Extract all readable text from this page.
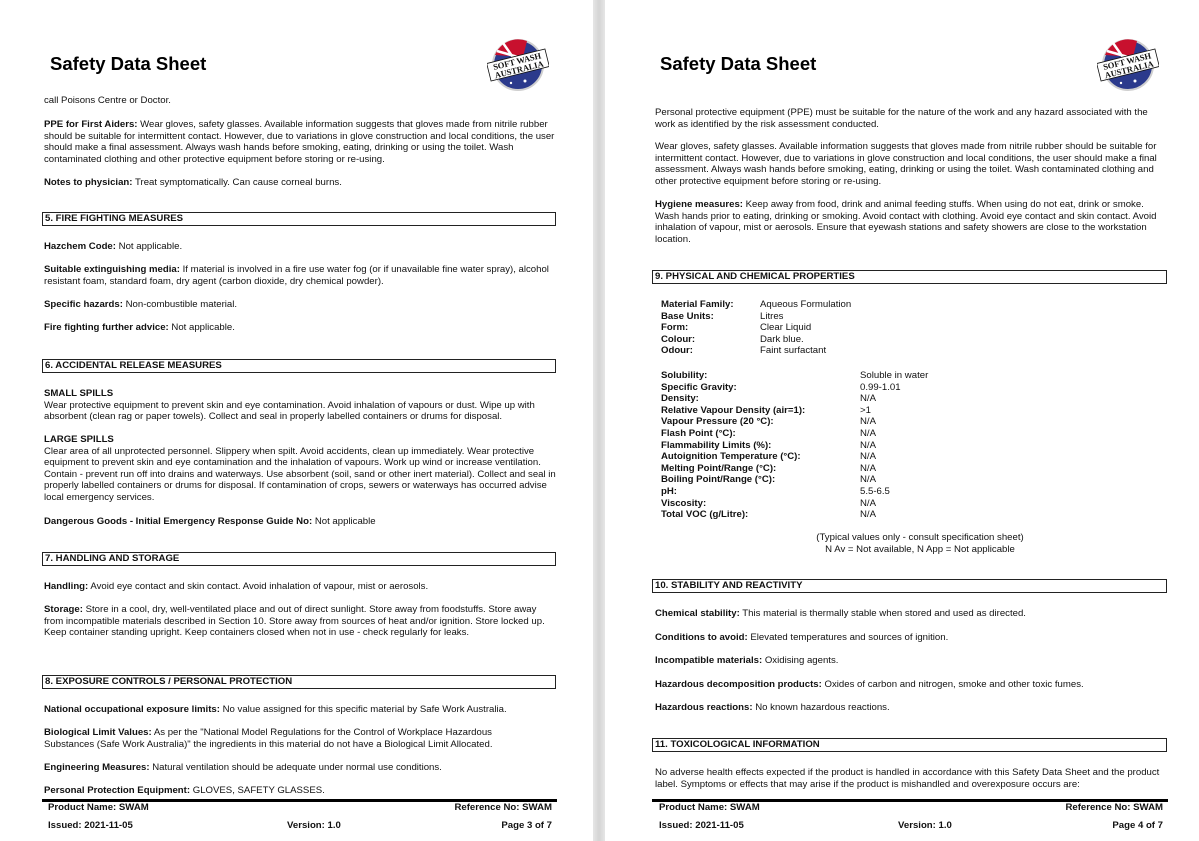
Safety Data Sheet
call Poisons Centre or Doctor.
PPE for First Aiders: Wear gloves, safety glasses. Available information suggests that gloves made from nitrile rubber should be suitable for intermittent contact. However, due to variations in glove construction and local conditions, the user should make a final assessment. Always wash hands before smoking, eating, drinking or using the toilet. Wash contaminated clothing and other protective equipment before storing or re-using.
Notes to physician: Treat symptomatically. Can cause corneal burns.
5. FIRE FIGHTING MEASURES
Hazchem Code: Not applicable.
Suitable extinguishing media: If material is involved in a fire use water fog (or if unavailable fine water spray), alcohol resistant foam, standard foam, dry agent (carbon dioxide, dry chemical powder).
Specific hazards: Non-combustible material.
Fire fighting further advice: Not applicable.
6. ACCIDENTAL RELEASE MEASURES
SMALL SPILLS
Wear protective equipment to prevent skin and eye contamination. Avoid inhalation of vapours or dust. Wipe up with absorbent (clean rag or paper towels). Collect and seal in properly labelled containers or drums for disposal.
LARGE SPILLS
Clear area of all unprotected personnel. Slippery when spilt. Avoid accidents, clean up immediately. Wear protective equipment to prevent skin and eye contamination and the inhalation of vapours. Work up wind or increase ventilation. Contain - prevent run off into drains and waterways. Use absorbent (soil, sand or other inert material). Collect and seal in properly labelled containers or drums for disposal. If contamination of crops, sewers or waterways has occurred advise local emergency services.
Dangerous Goods - Initial Emergency Response Guide No: Not applicable
7. HANDLING AND STORAGE
Handling: Avoid eye contact and skin contact. Avoid inhalation of vapour, mist or aerosols.
Storage: Store in a cool, dry, well-ventilated place and out of direct sunlight. Store away from foodstuffs. Store away from incompatible materials described in Section 10. Store away from sources of heat and/or ignition. Store locked up. Keep container standing upright. Keep containers closed when not in use - check regularly for leaks.
8. EXPOSURE CONTROLS / PERSONAL PROTECTION
National occupational exposure limits: No value assigned for this specific material by Safe Work Australia.
Biological Limit Values: As per the "National Model Regulations for the Control of Workplace Hazardous Substances (Safe Work Australia)" the ingredients in this material do not have a Biological Limit Allocated.
Engineering Measures: Natural ventilation should be adequate under normal use conditions.
Personal Protection Equipment: GLOVES, SAFETY GLASSES.
Product Name: SWAM	Reference No: SWAM
Issued: 2021-11-05	Version: 1.0	Page 3 of 7
Safety Data Sheet
Personal protective equipment (PPE) must be suitable for the nature of the work and any hazard associated with the work as identified by the risk assessment conducted.
Wear gloves, safety glasses. Available information suggests that gloves made from nitrile rubber should be suitable for intermittent contact. However, due to variations in glove construction and local conditions, the user should make a final assessment. Always wash hands before smoking, eating, drinking or using the toilet. Wash contaminated clothing and other protective equipment before storing or re-using.
Hygiene measures: Keep away from food, drink and animal feeding stuffs. When using do not eat, drink or smoke. Wash hands prior to eating, drinking or smoking. Avoid contact with clothing. Avoid eye contact and skin contact. Avoid inhalation of vapour, mist or aerosols. Ensure that eyewash stations and safety showers are close to the workstation location.
9. PHYSICAL AND CHEMICAL PROPERTIES
Material Family:	Aqueous Formulation
Base Units:	Litres
Form:	Clear Liquid
Colour:	Dark blue.
Odour:	Faint surfactant
Solubility:	Soluble in water
Specific Gravity:	0.99-1.01
Density:	N/A
Relative Vapour Density (air=1):	>1
Vapour Pressure (20 °C):	N/A
Flash Point (°C):	N/A
Flammability Limits (%):	N/A
Autoignition Temperature (°C):	N/A
Melting Point/Range (°C):	N/A
Boiling Point/Range (°C):	N/A
pH:	5.5-6.5
Viscosity:	N/A
Total VOC (g/Litre):	N/A
(Typical values only - consult specification sheet)
N Av = Not available, N App = Not applicable
10. STABILITY AND REACTIVITY
Chemical stability: This material is thermally stable when stored and used as directed.
Conditions to avoid: Elevated temperatures and sources of ignition.
Incompatible materials: Oxidising agents.
Hazardous decomposition products: Oxides of carbon and nitrogen, smoke and other toxic fumes.
Hazardous reactions: No known hazardous reactions.
11. TOXICOLOGICAL INFORMATION
No adverse health effects expected if the product is handled in accordance with this Safety Data Sheet and the product label. Symptoms or effects that may arise if the product is mishandled and overexposure occurs are:
Product Name: SWAM	Reference No: SWAM
Issued: 2021-11-05	Version: 1.0	Page 4 of 7
